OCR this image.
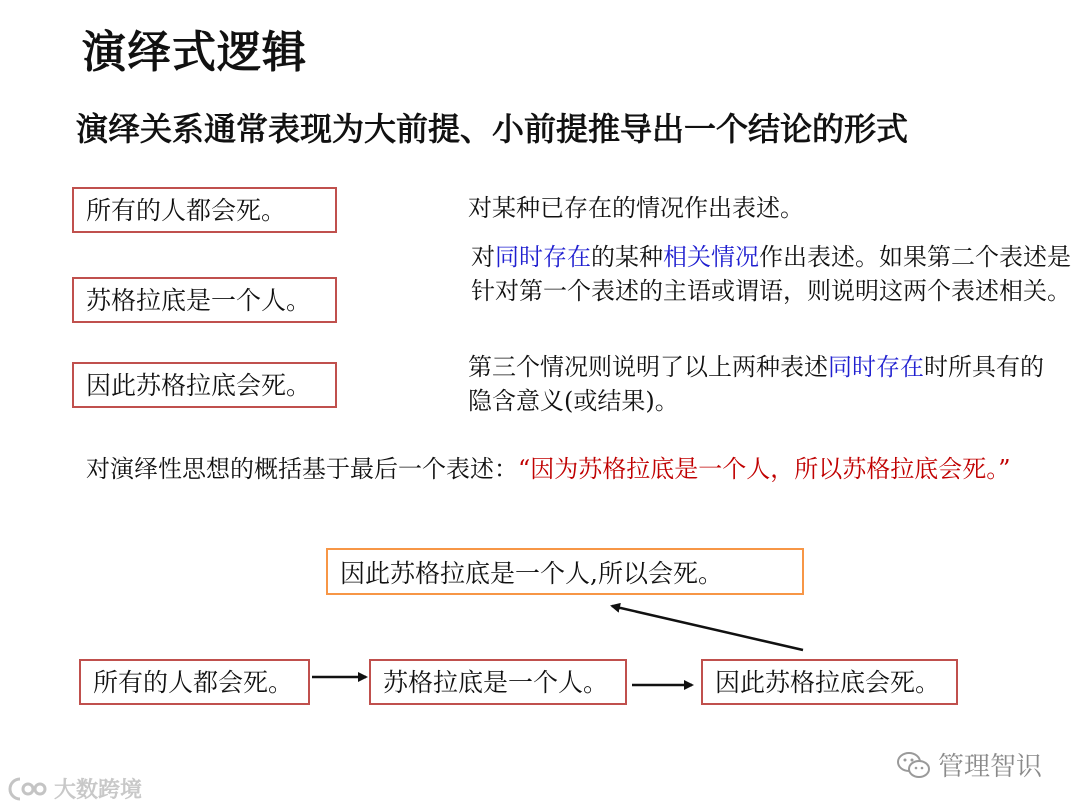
演绎式逻辑
演绎关系通常表现为大前提、小前提推导出一个结论的形式
所有的人都会死。
苏格拉底是一个人。
因此苏格拉底会死。
对某种已存在的情况作出表述。
对同时存在的某种相关情况作出表述。如果第二个表述是针对第一个表述的主语或谓语，则说明这两个表述相关。
第三个情况则说明了以上两种表述同时存在时所具有的隐含意义(或结果)。
对演绎性思想的概括基于最后一个表述：“因为苏格拉底是一个人，所以苏格拉底会死。”
因此苏格拉底是一个人,所以会死。
所有的人都会死。	苏格拉底是一个人。	因此苏格拉底会死。
大数跨境
管理智识
